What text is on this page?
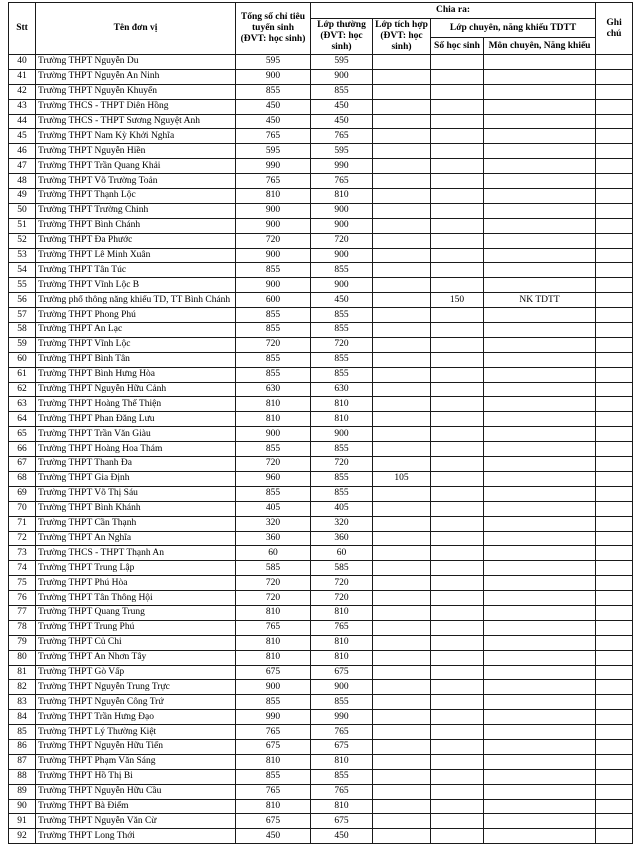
Stt	Tên đơn vị	Tổng số chỉ tiêu tuyển sinh (ĐVT: học sinh)	Chia ra:				Ghi chú
			Lớp thường (ĐVT: học sinh)	Lớp tích hợp (ĐVT: học sinh)	Lớp chuyên, năng khiếu TDTT		
					Số học sinh	Môn chuyên, Năng khiếu	
40	Trường THPT Nguyễn Du	595	595				
41	Trường THPT Nguyễn An Ninh	900	900				
42	Trường THPT Nguyễn Khuyến	855	855				
43	Trường THCS - THPT Diên Hồng	450	450				
44	Trường THCS - THPT Sương Nguyệt Anh	450	450				
45	Trường THPT Nam Kỳ Khởi Nghĩa	765	765				
46	Trường THPT Nguyễn Hiền	595	595				
47	Trường THPT Trần Quang Khải	990	990				
48	Trường THPT Võ Trường Toản	765	765				
49	Trường THPT Thạnh Lộc	810	810				
50	Trường THPT Trường Chinh	900	900				
51	Trường THPT Bình Chánh	900	900				
52	Trường THPT Đa Phước	720	720				
53	Trường THPT Lê Minh Xuân	900	900				
54	Trường THPT Tân Túc	855	855				
55	Trường THPT Vĩnh Lộc B	900	900				
56	Trường phổ thông năng khiếu TD, TT Bình Chánh	600	450		150	NK TDTT	
57	Trường THPT Phong Phú	855	855				
58	Trường THPT An Lạc	855	855				
59	Trường THPT Vĩnh Lộc	720	720				
60	Trường THPT Bình Tân	855	855				
61	Trường THPT Bình Hưng Hòa	855	855				
62	Trường THPT Nguyễn Hữu Cảnh	630	630				
63	Trường THPT Hoàng Thế Thiện	810	810				
64	Trường THPT Phan Đăng Lưu	810	810				
65	Trường THPT Trần Văn Giàu	900	900				
66	Trường THPT Hoàng Hoa Thám	855	855				
67	Trường THPT Thanh Đa	720	720				
68	Trường THPT Gia Định	960	855	105			
69	Trường THPT Võ Thị Sáu	855	855				
70	Trường THPT Bình Khánh	405	405				
71	Trường THPT Cần Thạnh	320	320				
72	Trường THPT An Nghĩa	360	360				
73	Trường THCS - THPT Thạnh An	60	60				
74	Trường THPT Trung Lập	585	585				
75	Trường THPT Phú Hòa	720	720				
76	Trường THPT Tân Thông Hội	720	720				
77	Trường THPT Quang Trung	810	810				
78	Trường THPT Trung Phú	765	765				
79	Trường THPT Củ Chi	810	810				
80	Trường THPT An Nhơn Tây	810	810				
81	Trường THPT Gò Vấp	675	675				
82	Trường THPT Nguyễn Trung Trực	900	900				
83	Trường THPT Nguyễn Công Trứ	855	855				
84	Trường THPT Trần Hưng Đạo	990	990				
85	Trường THPT Lý Thường Kiệt	765	765				
86	Trường THPT Nguyễn Hữu Tiến	675	675				
87	Trường THPT Phạm Văn Sáng	810	810				
88	Trường THPT Hồ Thị Bi	855	855				
89	Trường THPT Nguyễn Hữu Cầu	765	765				
90	Trường THPT Bà Điểm	810	810				
91	Trường THPT Nguyễn Văn Cừ	675	675				
92	Trường THPT Long Thới	450	450				
